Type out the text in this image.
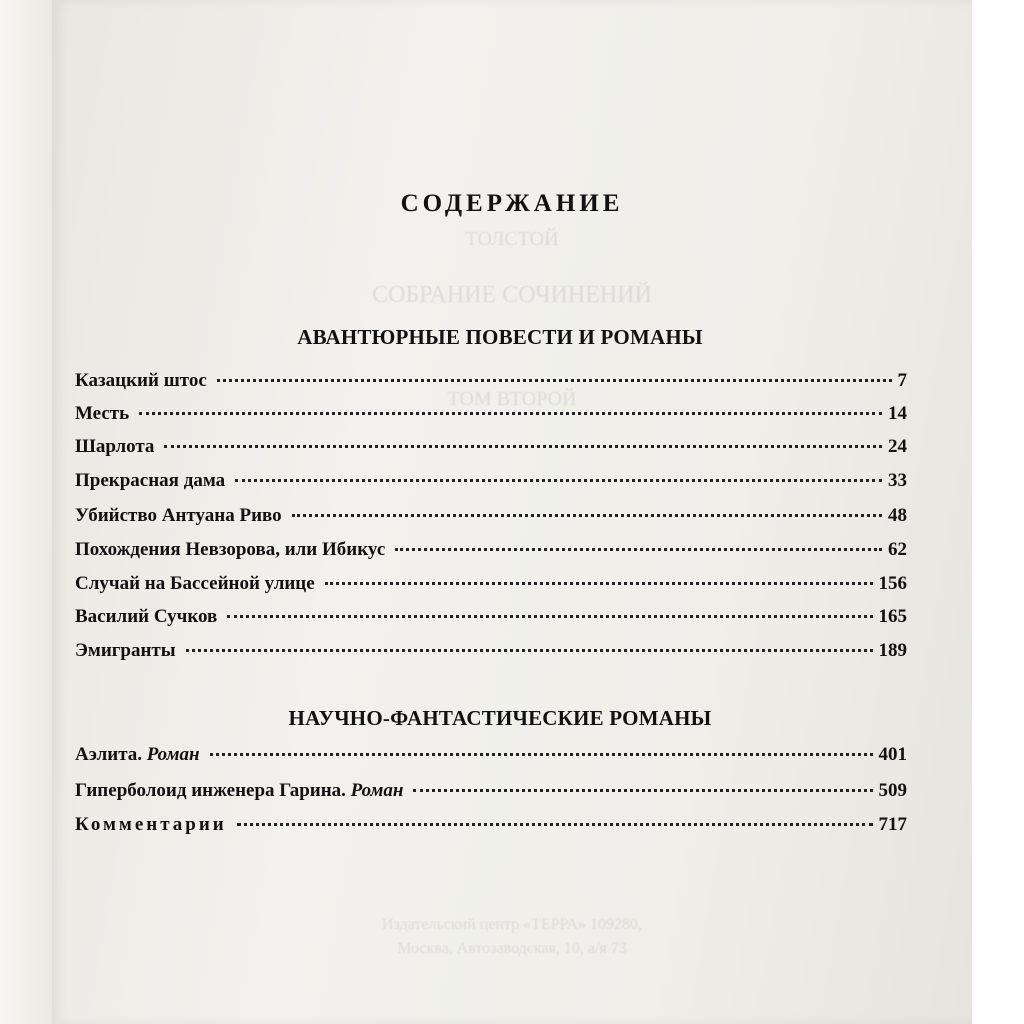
ТОЛСТОЙ
СОБРАНИЕ СОЧИНЕНИЙ
ТОМ ВТОРОЙ
СОДЕРЖАНИЕ
АВАНТЮРНЫЕ ПОВЕСТИ И РОМАНЫ
Казацкий штос	7
Месть	14
Шарлота	24
Прекрасная дама	33
Убийство Антуана Риво	48
Похождения Невзорова, или Ибикус	62
Случай на Бассейной улице	156
Василий Сучков	165
Эмигранты	189
НАУЧНО-ФАНТАСТИЧЕСКИЕ РОМАНЫ
Аэлита. Роман	401
Гиперболоид инженера Гарина. Роман	509
Комментарии	717
Издательский центр «ТЕРРА» 109280,
Москва, Автозаводская, 10, а/я 73
